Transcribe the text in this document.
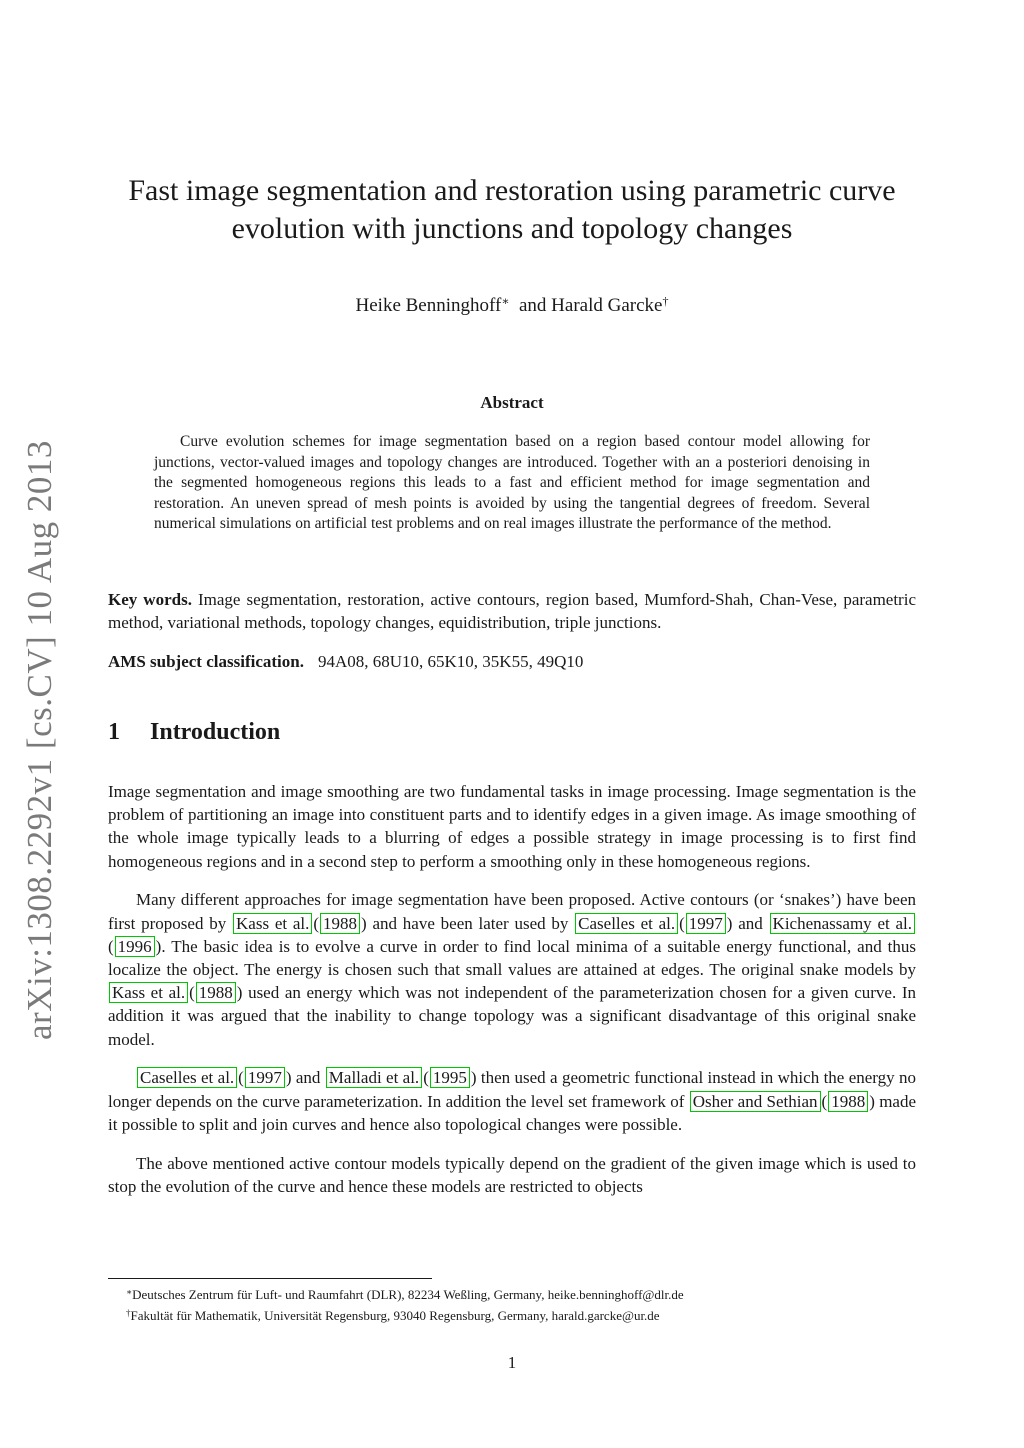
arXiv:1308.2292v1 [cs.CV] 10 Aug 2013
Fast image segmentation and restoration using parametric curve
evolution with junctions and topology changes
Heike Benninghoff∗ and Harald Garcke†
Abstract
Curve evolution schemes for image segmentation based on a region based contour model allowing for junctions, vector-valued images and topology changes are introduced. Together with an a posteriori denoising in the segmented homogeneous regions this leads to a fast and efficient method for image segmentation and restoration. An uneven spread of mesh points is avoided by using the tangential degrees of freedom. Several numerical simulations on artificial test problems and on real images illustrate the performance of the method.
Key words. Image segmentation, restoration, active contours, region based, Mumford-Shah, Chan-Vese, parametric method, variational methods, topology changes, equidistribution, triple junctions.
AMS subject classification. 94A08, 68U10, 65K10, 35K55, 49Q10
1 Introduction

Image segmentation and image smoothing are two fundamental tasks in image processing. Image segmentation is the problem of partitioning an image into constituent parts and to identify edges in a given image. As image smoothing of the whole image typically leads to a blurring of edges a possible strategy in image processing is to first find homogeneous regions and in a second step to perform a smoothing only in these homogeneous regions.

Many different approaches for image segmentation have been proposed. Active contours (or ‘snakes’) have been first proposed by Kass et al. ( 1988 ) and have been later used by Caselles et al. ( 1997 ) and Kichenassamy et al.( 1996 ). The basic idea is to evolve a curve in order to find local minima of a suitable energy functional, and thus localize the object. The energy is chosen such that small values are attained at edges. The original snake models by Kass et al. ( 1988 ) used an energy which was not independent of the parameterization chosen for a given curve. In addition it was argued that the inability to change topology was a significant disadvantage of this original snake model.

Caselles et al. ( 1997 ) and Malladi et al. ( 1995 ) then used a geometric functional instead in which the energy no longer depends on the curve parameterization. In addition the level set framework of Osher and Sethian ( 1988 ) made it possible to split and join curves and hence also topological changes were possible.

The above mentioned active contour models typically depend on the gradient of the given image which is used to stop the evolution of the curve and hence these models are restricted to objects

∗Deutsches Zentrum für Luft- und Raumfahrt (DLR), 82234 Weßling, Germany, heike.benninghoff@dlr.de
†Fakultät für Mathematik, Universität Regensburg, 93040 Regensburg, Germany, harald.garcke@ur.de
1
